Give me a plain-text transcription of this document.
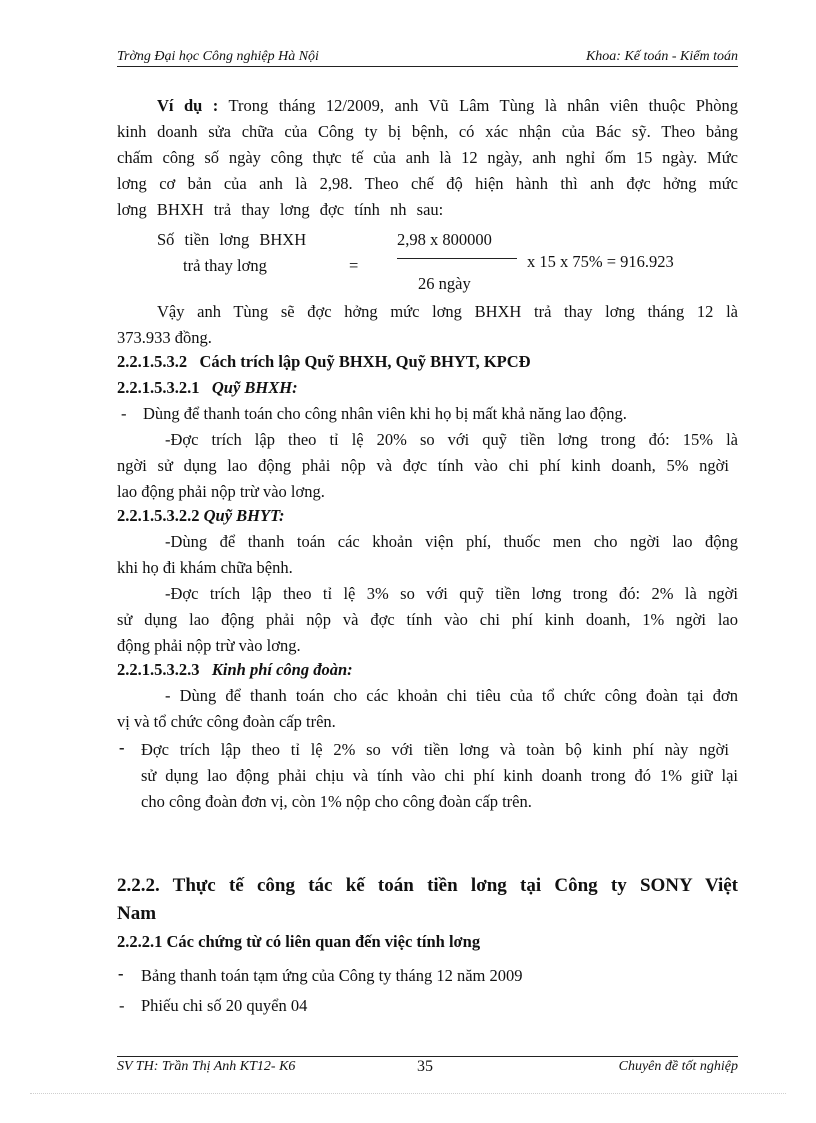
Trờng Đại học Công nghiệp Hà Nội	Khoa: Kế toán - Kiểm toán
Ví dụ : Trong tháng 12/2009, anh Vũ Lâm Tùng là nhân viên thuộc Phòng
kinh doanh sửa chữa của Công ty bị bệnh, có xác nhận của Bác sỹ. Theo bảng
chấm công số ngày công thực tế của anh là 12 ngày, anh nghỉ ốm 15 ngày. Mức
lơng cơ bản của anh là 2,98. Theo chế độ hiện hành thì anh đợc hởng mức
lơng BHXH trả thay lơng đợc tính nh sau:
Số tiền lơng BHXH
trả thay lơng	=
2,98 x 800000
26 ngày
x 15 x 75% = 916.923
Vậy anh Tùng sẽ đợc hởng mức lơng BHXH trả thay lơng tháng 12 là
373.933 đồng.
2.2.1.5.3.2 Cách trích lập Quỹ BHXH, Quỹ BHYT, KPCĐ
2.2.1.5.3.2.1 Quỹ BHXH:
- Dùng để thanh toán cho công nhân viên khi họ bị mất khả năng lao động.
-Đợc trích lập theo tỉ lệ 20% so với quỹ tiền lơng trong đó: 15% là
ngời sử dụng lao động phải nộp và đợc tính vào chi phí kinh doanh, 5% ngời
lao động phải nộp trừ vào lơng.
2.2.1.5.3.2.2 Quỹ BHYT:
-Dùng để thanh toán các khoản viện phí, thuốc men cho ngời lao động
khi họ đi khám chữa bệnh.
-Đợc trích lập theo tỉ lệ 3% so với quỹ tiền lơng trong đó: 2% là ngời
sử dụng lao động phải nộp và đợc tính vào chi phí kinh doanh, 1% ngời lao
động phải nộp trừ vào lơng.
2.2.1.5.3.2.3 Kinh phí công đoàn:
- Dùng để thanh toán cho các khoản chi tiêu của tổ chức công đoàn tại đơn
vị và tổ chức công đoàn cấp trên.
- Đợc trích lập theo tỉ lệ 2% so với tiền lơng và toàn bộ kinh phí này ngời
sử dụng lao động phải chịu và tính vào chi phí kinh doanh trong đó 1% giữ lại
cho công đoàn đơn vị, còn 1% nộp cho công đoàn cấp trên.
2.2.2. Thực tế công tác kế toán tiền lơng tại Công ty SONY Việt
Nam
2.2.2.1 Các chứng từ có liên quan đến việc tính lơng
- Bảng thanh toán tạm ứng của Công ty tháng 12 năm 2009
- Phiếu chi số 20 quyển 04
SV TH: Trần Thị Anh KT12- K6	35	Chuyên đề tốt nghiệp
